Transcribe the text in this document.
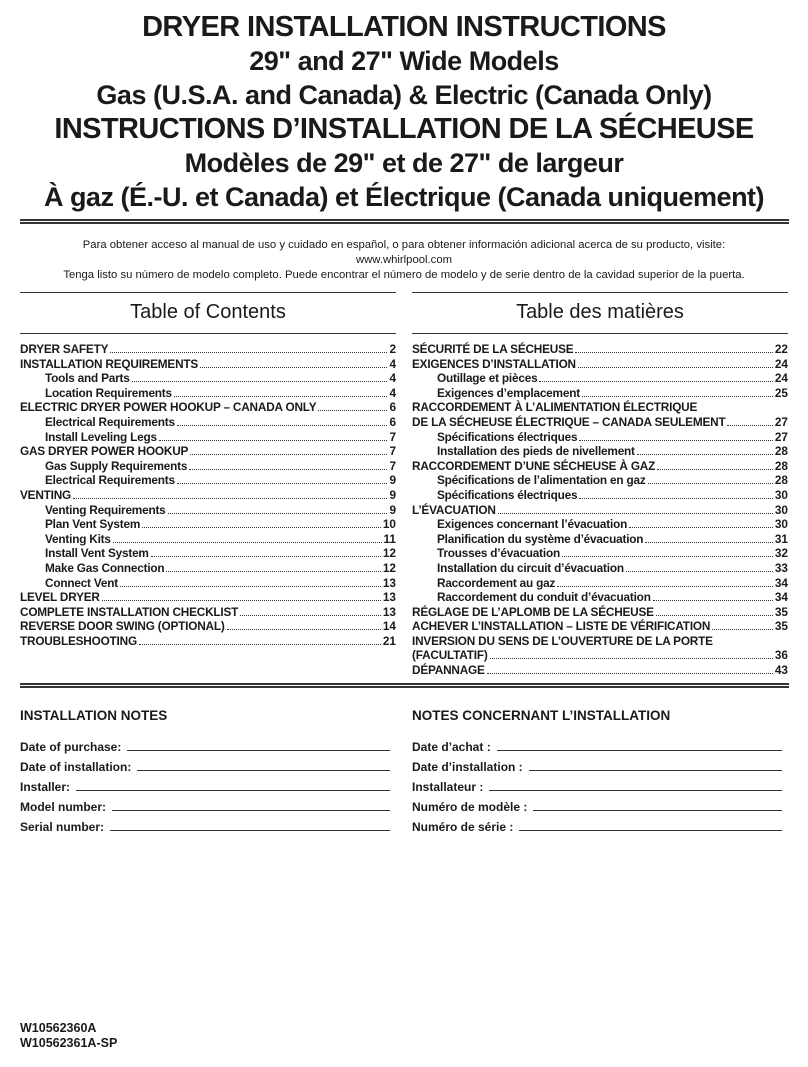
DRYER INSTALLATION INSTRUCTIONS
29" and 27" Wide Models
Gas (U.S.A. and Canada) & Electric (Canada Only)
INSTRUCTIONS D’INSTALLATION DE LA SÉCHEUSE
Modèles de 29" et de 27" de largeur
À gaz (É.-U. et Canada) et Électrique (Canada uniquement)
Para obtener acceso al manual de uso y cuidado en español, o para obtener información adicional acerca de su producto, visite:
www.whirlpool.com
Tenga listo su número de modelo completo. Puede encontrar el número de modelo y de serie dentro de la cavidad superior de la puerta.
Table of Contents
DRYER SAFETY	2
INSTALLATION REQUIREMENTS	4
Tools and Parts	4
Location Requirements	4
ELECTRIC DRYER POWER HOOKUP – CANADA ONLY	6
Electrical Requirements	6
Install Leveling Legs	7
GAS DRYER POWER HOOKUP	7
Gas Supply Requirements	7
Electrical Requirements	9
VENTING	9
Venting Requirements	9
Plan Vent System	10
Venting Kits	11
Install Vent System	12
Make Gas Connection	12
Connect Vent	13
LEVEL DRYER	13
COMPLETE INSTALLATION CHECKLIST	13
REVERSE DOOR SWING (OPTIONAL)	14
TROUBLESHOOTING	21
Table des matières
SÉCURITÉ DE LA SÉCHEUSE	22
EXIGENCES D’INSTALLATION	24
Outillage et pièces	24
Exigences d’emplacement	25
RACCORDEMENT À L’ALIMENTATION ÉLECTRIQUE
DE LA SÉCHEUSE ÉLECTRIQUE – CANADA SEULEMENT	27
Spécifications électriques	27
Installation des pieds de nivellement	28
RACCORDEMENT D’UNE SÉCHEUSE À GAZ	28
Spécifications de l’alimentation en gaz	28
Spécifications électriques	30
L’ÉVACUATION	30
Exigences concernant l’évacuation	30
Planification du système d’évacuation	31
Trousses d’évacuation	32
Installation du circuit d’évacuation	33
Raccordement au gaz	34
Raccordement du conduit d’évacuation	34
RÉGLAGE DE L’APLOMB DE LA SÉCHEUSE	35
ACHEVER L’INSTALLATION – LISTE DE VÉRIFICATION	35
INVERSION DU SENS DE L’OUVERTURE DE LA PORTE
(FACULTATIF)	36
DÉPANNAGE	43
INSTALLATION NOTES
Date of purchase:
Date of installation:
Installer:
Model number:
Serial number:
NOTES CONCERNANT L’INSTALLATION
Date d’achat :
Date d’installation :
Installateur :
Numéro de modèle :
Numéro de série :
W10562360A
W10562361A-SP
